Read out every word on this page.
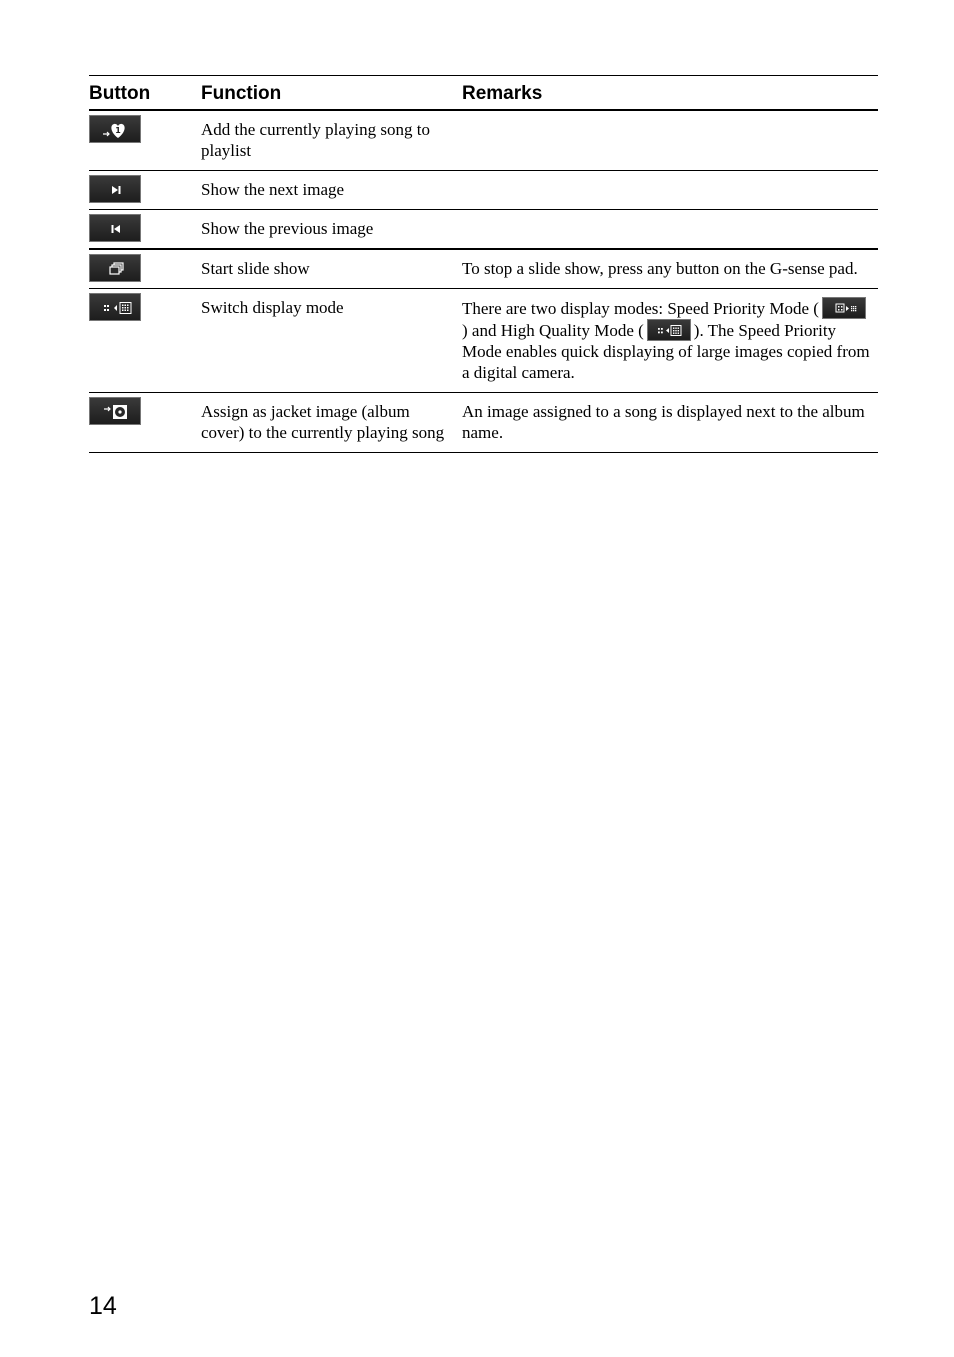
Button	Function	Remarks

1	Add the currently playing song to playlist	

	Show the next image	

	Show the previous image	

	Start slide show	To stop a slide show, press any button on the G-sense pad.

	Switch display mode	There are two display modes: Speed Priority Mode (
) and High Quality Mode ( ). The Speed Priority Mode enables quick displaying of large images copied from a digital camera.

	Assign as jacket image (album cover) to the currently playing song	An image assigned to a song is displayed next to the album name.
14
